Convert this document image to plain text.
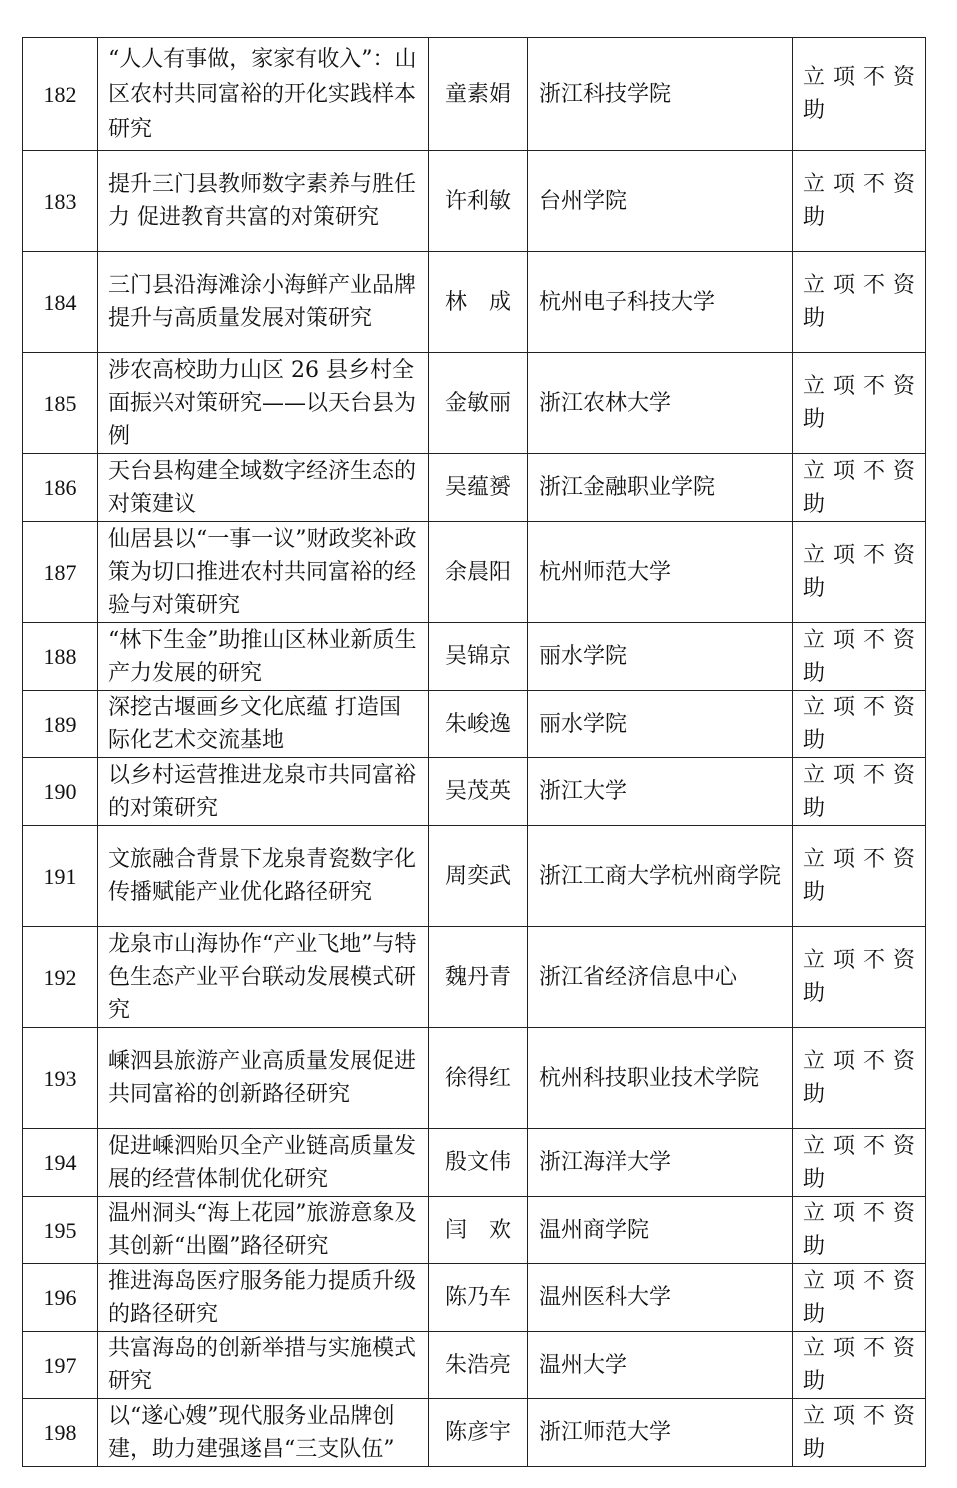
182	“人人有事做，家家有收入”：山区农村共同富裕的开化实践样本研究	童素娟	浙江科技学院	立项不资
助

183	提升三门县教师数字素养与胜任力 促进教育共富的对策研究	许利敏	台州学院	立项不资
助

184	三门县沿海滩涂小海鲜产业品牌提升与高质量发展对策研究	林　成	杭州电子科技大学	立项不资
助

185	涉农高校助力山区 26 县乡村全面振兴对策研究——以天台县为例	金敏丽	浙江农林大学	立项不资
助

186	天台县构建全域数字经济生态的对策建议	吴蕴赟	浙江金融职业学院	立项不资
助

187	仙居县以“一事一议”财政奖补政策为切口推进农村共同富裕的经验与对策研究	余晨阳	杭州师范大学	立项不资
助

188	“林下生金”助推山区林业新质生产力发展的研究	吴锦京	丽水学院	立项不资
助

189	深挖古堰画乡文化底蕴 打造国际化艺术交流基地	朱峻逸	丽水学院	立项不资
助

190	以乡村运营推进龙泉市共同富裕的对策研究	吴茂英	浙江大学	立项不资
助

191	文旅融合背景下龙泉青瓷数字化传播赋能产业优化路径研究	周奕武	浙江工商大学杭州商学院	立项不资
助

192	龙泉市山海协作“产业飞地”与特色生态产业平台联动发展模式研究	魏丹青	浙江省经济信息中心	立项不资
助

193	嵊泗县旅游产业高质量发展促进共同富裕的创新路径研究	徐得红	杭州科技职业技术学院	立项不资
助

194	促进嵊泗贻贝全产业链高质量发展的经营体制优化研究	殷文伟	浙江海洋大学	立项不资
助

195	温州洞头“海上花园”旅游意象及其创新“出圈”路径研究	闫　欢	温州商学院	立项不资
助

196	推进海岛医疗服务能力提质升级的路径研究	陈乃车	温州医科大学	立项不资
助

197	共富海岛的创新举措与实施模式研究	朱浩亮	温州大学	立项不资
助

198	以“遂心嫂”现代服务业品牌创建，助力建强遂昌“三支队伍”	陈彦宇	浙江师范大学	立项不资
助
